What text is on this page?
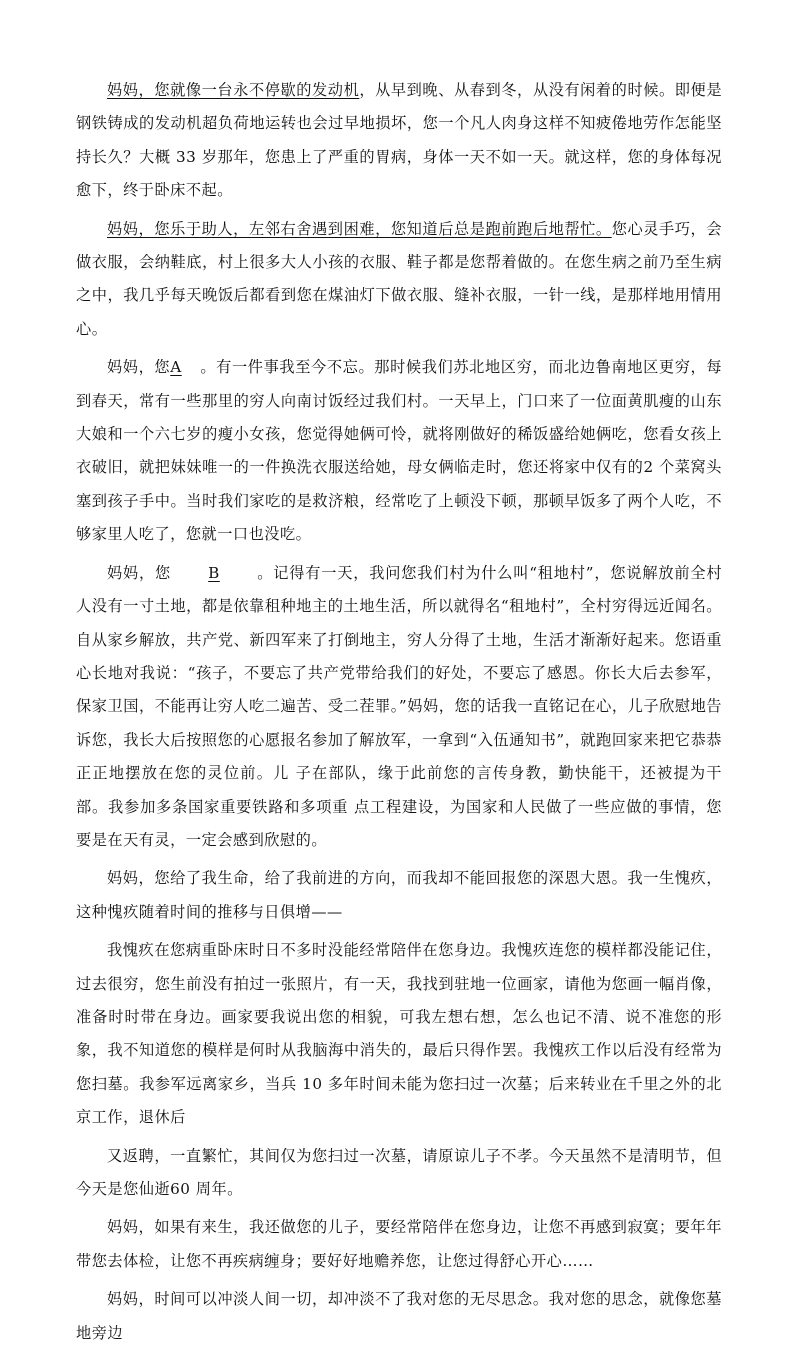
妈妈，您就像一台永不停歇的发动机，从早到晚、从春到冬，从没有闲着的时候。即便是钢铁铸成的发动机超负荷地运转也会过早地损坏，您一个凡人肉身这样不知疲倦地劳作怎能坚持长久？大概 33 岁那年，您患上了严重的胃病，身体一天不如一天。就这样，您的身体每况愈下，终于卧床不起。

妈妈，您乐于助人，左邻右舍遇到困难，您知道后总是跑前跑后地帮忙。您心灵手巧，会做衣服，会纳鞋底，村上很多大人小孩的衣服、鞋子都是您帮着做的。在您生病之前乃至生病之中，我几乎每天晚饭后都看到您在煤油灯下做衣服、缝补衣服，一针一线，是那样地用情用心。

妈妈，您A 。有一件事我至今不忘。那时候我们苏北地区穷，而北边鲁南地区更穷，每到春天，常有一些那里的穷人向南讨饭经过我们村。一天早上，门口来了一位面黄肌瘦的山东大娘和一个六七岁的瘦小女孩，您觉得她俩可怜，就将刚做好的稀饭盛给她俩吃，您看女孩上衣破旧，就把妹妹唯一的一件换洗衣服送给她，母女俩临走时，您还将家中仅有的2 个菜窝头塞到孩子手中。当时我们家吃的是救济粮，经常吃了上顿没下顿，那顿早饭多了两个人吃，不够家里人吃了，您就一口也没吃。

妈妈，您 B 。记得有一天，我问您我们村为什么叫“租地村”，您说解放前全村人没有一寸土地，都是依靠租种地主的土地生活，所以就得名“租地村”，全村穷得远近闻名。自从家乡解放，共产党、新四军来了打倒地主，穷人分得了土地，生活才渐渐好起来。您语重心长地对我说：“孩子，不要忘了共产党带给我们的好处，不要忘了感恩。你长大后去参军，保家卫国，不能再让穷人吃二遍苦、受二茬罪。”妈妈，您的话我一直铭记在心，儿子欣慰地告诉您，我长大后按照您的心愿报名参加了解放军，一拿到“入伍通知书”，就跑回家来把它恭恭正正地摆放在您的灵位前。儿 子在部队，缘于此前您的言传身教，勤快能干，还被提为干部。我参加多条国家重要铁路和多项重 点工程建设，为国家和人民做了一些应做的事情，您要是在天有灵，一定会感到欣慰的。

妈妈，您给了我生命，给了我前进的方向，而我却不能回报您的深恩大恩。我一生愧疚，这种愧疚随着时间的推移与日俱增——

我愧疚在您病重卧床时日不多时没能经常陪伴在您身边。我愧疚连您的模样都没能记住，过去很穷，您生前没有拍过一张照片，有一天，我找到驻地一位画家，请他为您画一幅肖像，准备时时带在身边。画家要我说出您的相貌，可我左想右想，怎么也记不清、说不准您的形象，我不知道您的模样是何时从我脑海中消失的，最后只得作罢。我愧疚工作以后没有经常为您扫墓。我参军远离家乡，当兵 10 多年时间未能为您扫过一次墓；后来转业在千里之外的北京工作，退休后

又返聘，一直繁忙，其间仅为您扫过一次墓，请原谅儿子不孝。今天虽然不是清明节，但今天是您仙逝60 周年。

妈妈，如果有来生，我还做您的儿子，要经常陪伴在您身边，让您不再感到寂寞；要年年带您去体检，让您不再疾病缠身；要好好地赡养您，让您过得舒心开心……

妈妈，时间可以冲淡人间一切，却冲淡不了我对您的无尽思念。我对您的思念，就像您墓地旁边
